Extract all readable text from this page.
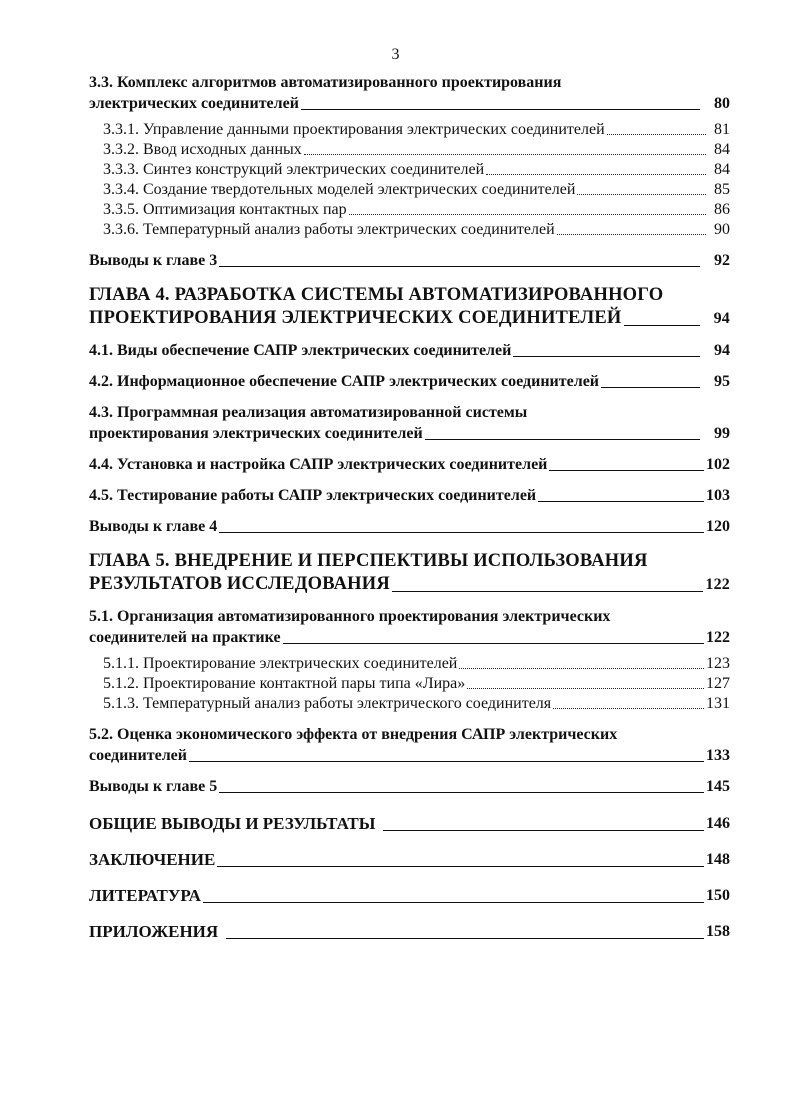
3
3.3. Комплекс алгоритмов автоматизированного проектирования
электрических соединителей	80
3.3.1. Управление данными проектирования электрических соединителей	81
3.3.2. Ввод исходных данных	84
3.3.3. Синтез конструкций электрических соединителей	84
3.3.4. Создание твердотельных моделей электрических соединителей	85
3.3.5. Оптимизация контактных пар	86
3.3.6. Температурный анализ работы электрических соединителей	90
Выводы к главе 3	92
ГЛАВА 4. РАЗРАБОТКА СИСТЕМЫ АВТОМАТИЗИРОВАННОГО
ПРОЕКТИРОВАНИЯ ЭЛЕКТРИЧЕСКИХ СОЕДИНИТЕЛЕЙ	94
4.1. Виды обеспечение САПР электрических соединителей	94
4.2. Информационное обеспечение САПР электрических соединителей	95
4.3. Программная реализация автоматизированной системы
проектирования электрических соединителей	99
4.4. Установка и настройка САПР электрических соединителей	102
4.5. Тестирование работы САПР электрических соединителей	103
Выводы к главе 4	120
ГЛАВА 5. ВНЕДРЕНИЕ И ПЕРСПЕКТИВЫ ИСПОЛЬЗОВАНИЯ
РЕЗУЛЬТАТОВ ИССЛЕДОВАНИЯ	122
5.1. Организация автоматизированного проектирования электрических
соединителей на практике	122
5.1.1. Проектирование электрических соединителей	123
5.1.2. Проектирование контактной пары типа «Лира»	127
5.1.3. Температурный анализ работы электрического соединителя	131
5.2. Оценка экономического эффекта от внедрения САПР электрических
соединителей	133
Выводы к главе 5	145
ОБЩИЕ ВЫВОДЫ И РЕЗУЛЬТАТЫ	146
ЗАКЛЮЧЕНИЕ	148
ЛИТЕРАТУРА	150
ПРИЛОЖЕНИЯ	158
